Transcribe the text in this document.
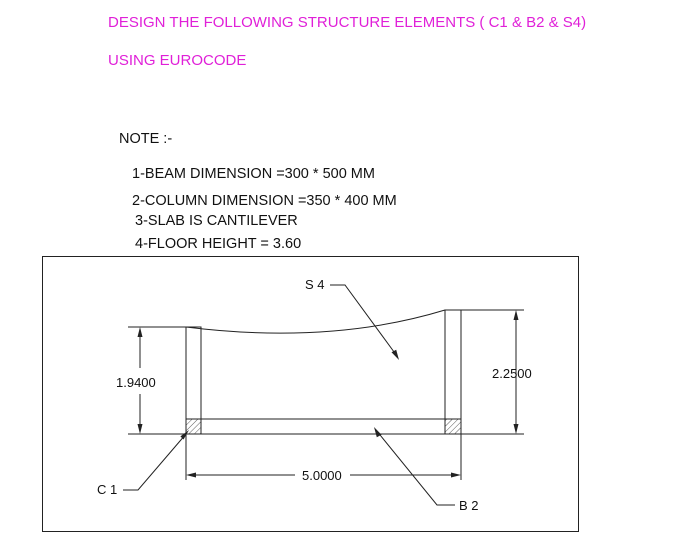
DESIGN THE FOLLOWING STRUCTURE ELEMENTS ( C1 & B2 & S4)
USING EUROCODE
NOTE :-
1-BEAM DIMENSION =300 * 500 MM
2-COLUMN DIMENSION =350 * 400 MM
3-SLAB IS CANTILEVER
4-FLOOR HEIGHT = 3.60
1.9400
2.2500
5.0000
S 4
C 1
B 2
